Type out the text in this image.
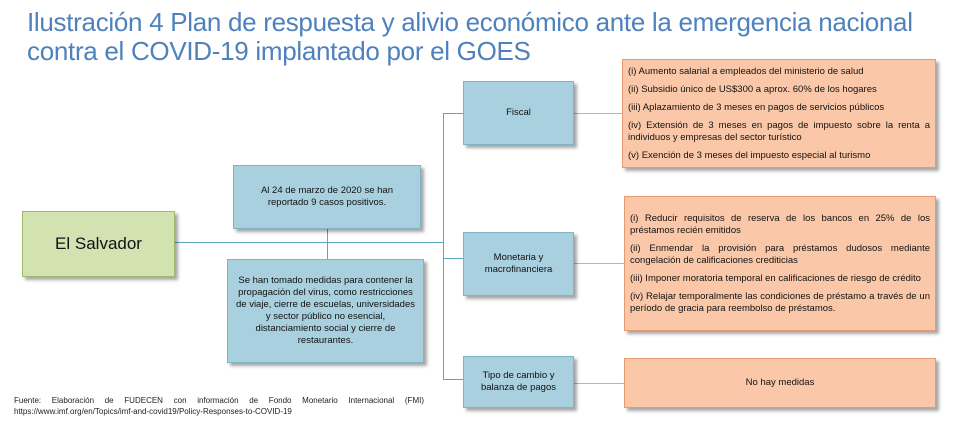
Ilustración 4 Plan de respuesta y alivio económico ante la emergencia nacional contra el COVID-19 implantado por el GOES
El Salvador
Al 24 de marzo de 2020 se han reportado 9 casos positivos.
Se han tomado medidas para contener la propagación del virus, como restricciones de viaje, cierre de escuelas, universidades y sector público no esencial, distanciamiento social y cierre de restaurantes.
Fiscal
Monetaria y macrofinanciera
Tipo de cambio y balanza de pagos
(i) Aumento salarial a empleados del ministerio de salud
(ii) Subsidio único de US$300 a aprox. 60% de los hogares
(iii) Aplazamiento de 3 meses en pagos de servicios públicos
(iv) Extensión de 3 meses en pagos de impuesto sobre la renta a individuos y empresas del sector turístico
(v) Exención de 3 meses del impuesto especial al turismo
(i) Reducir requisitos de reserva de los bancos en 25% de los préstamos recién emitidos
(ii) Enmendar la provisión para préstamos dudosos mediante congelación de calificaciones crediticias
(iii) Imponer moratoria temporal en calificaciones de riesgo de crédito
(iv) Relajar temporalmente las condiciones de préstamo a través de un período de gracia para reembolso de préstamos.
No hay medidas
Fuente: Elaboración de FUDECEN con información de Fondo Monetario Internacional (FMI) https://www.imf.org/en/Topics/imf-and-covid19/Policy-Responses-to-COVID-19
